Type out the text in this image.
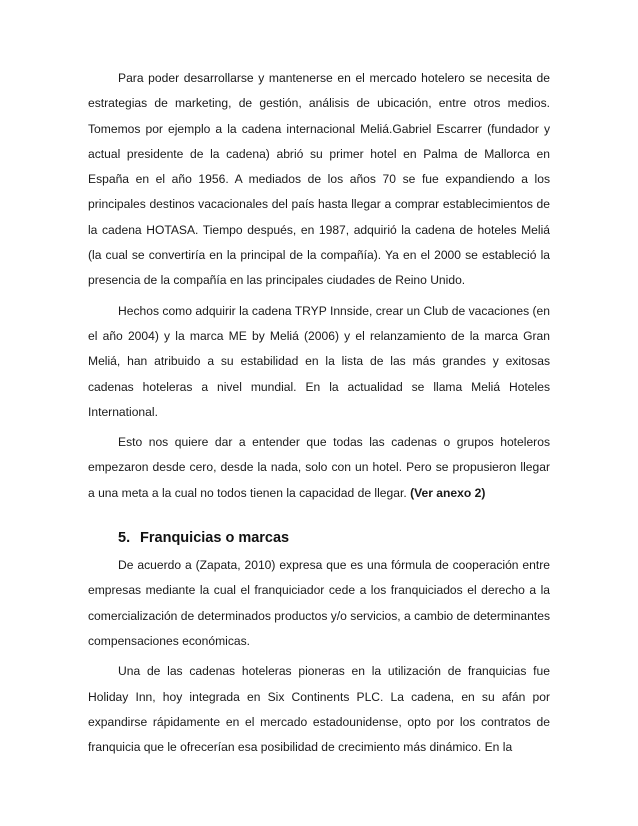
Para poder desarrollarse y mantenerse en el mercado hotelero se necesita de estrategias de marketing, de gestión, análisis de ubicación, entre otros medios. Tomemos por ejemplo a la cadena internacional Meliá.Gabriel Escarrer (fundador y actual presidente de la cadena) abrió su primer hotel en Palma de Mallorca en España en el año 1956. A mediados de los años 70 se fue expandiendo a los principales destinos vacacionales del país hasta llegar a comprar establecimientos de la cadena HOTASA. Tiempo después, en 1987, adquirió la cadena de hoteles Meliá (la cual se convertiría en la principal de la compañía). Ya en el 2000 se estableció la presencia de la compañía en las principales ciudades de Reino Unido.

Hechos como adquirir la cadena TRYP Innside, crear un Club de vacaciones (en el año 2004) y la marca ME by Meliá (2006) y el relanzamiento de la marca Gran Meliá, han atribuido a su estabilidad en la lista de las más grandes y exitosas cadenas hoteleras a nivel mundial. En la actualidad se llama Meliá Hoteles International.

Esto nos quiere dar a entender que todas las cadenas o grupos hoteleros empezaron desde cero, desde la nada, solo con un hotel. Pero se propusieron llegar a una meta a la cual no todos tienen la capacidad de llegar. (Ver anexo 2)

5. Franquicias o marcas

De acuerdo a (Zapata, 2010) expresa que es una fórmula de cooperación entre empresas mediante la cual el franquiciador cede a los franquiciados el derecho a la comercialización de determinados productos y/o servicios, a cambio de determinantes compensaciones económicas.

Una de las cadenas hoteleras pioneras en la utilización de franquicias fue Holiday Inn, hoy integrada en Six Continents PLC. La cadena, en su afán por expandirse rápidamente en el mercado estadounidense, opto por los contratos de franquicia que le ofrecerían esa posibilidad de crecimiento más dinámico. En la
